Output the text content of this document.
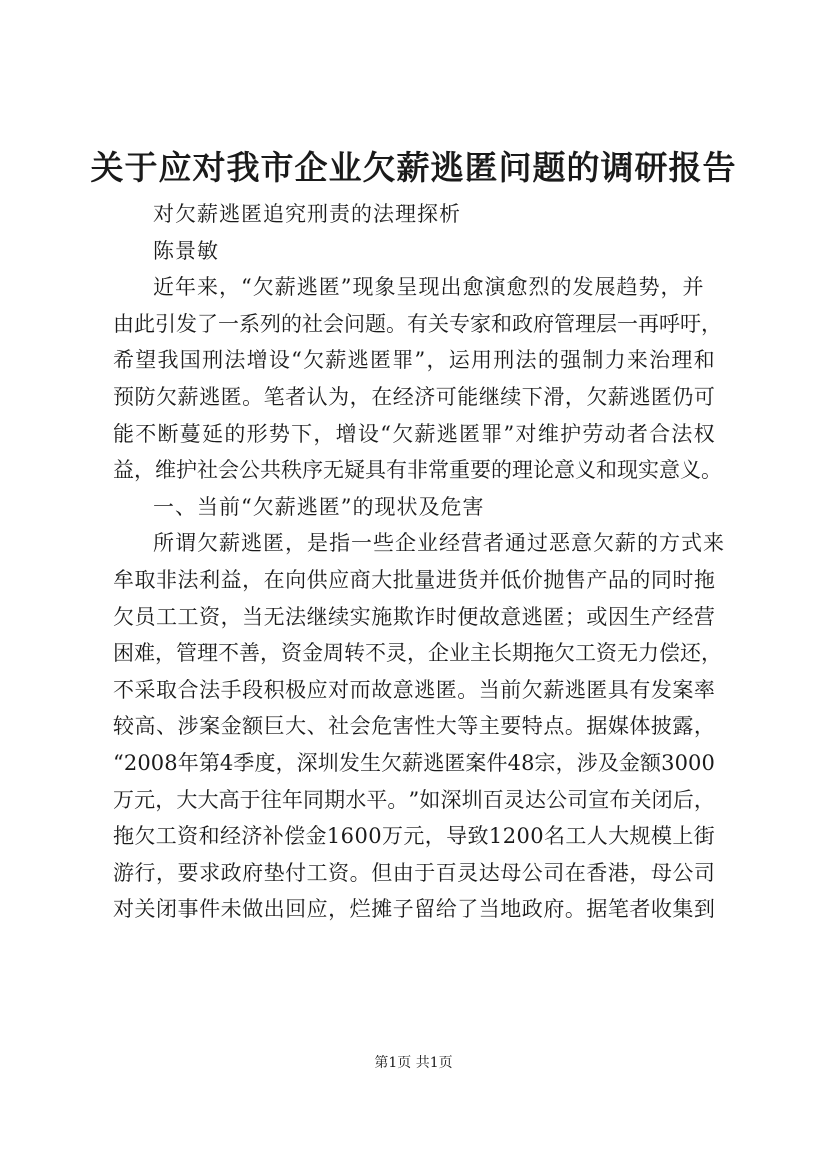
关于应对我市企业欠薪逃匿问题的调研报告
对欠薪逃匿追究刑责的法理探析
陈景敏
近年来，“欠薪逃匿”现象呈现出愈演愈烈的发展趋势，并
由 此 引 发 了 一 系 列 的 社 会 问 题 。 有 关 专 家 和 政 府 管 理 层 一 再 呼 吁 ，
希 望 我 国 刑 法 增 设 “ 欠 薪 逃 匿 罪 ” ， 运 用 刑 法 的 强 制 力 来 治 理 和
预 防 欠 薪 逃 匿 。 笔 者 认 为 ， 在 经 济 可 能 继 续 下 滑 ， 欠 薪 逃 匿 仍 可
能 不 断 蔓 延 的 形 势 下 ， 增 设 “ 欠 薪 逃 匿 罪 ” 对 维 护 劳 动 者 合 法 权
益 ， 维 护 社 会 公 共 秩 序 无 疑 具 有 非 常 重 要 的 理 论 意 义 和 现 实 意 义 。
一、当前“欠薪逃匿”的现状及危害
所谓欠薪逃匿，是指一些企业经营者通过恶意欠薪的方式来
牟 取 非 法 利 益 ， 在 向 供 应 商 大 批 量 进 货 并 低 价 抛 售 产 品 的 同 时 拖
欠 员 工 工 资 ， 当 无 法 继 续 实 施 欺 诈 时 便 故 意 逃 匿 ； 或 因 生 产 经 营
困 难 ， 管 理 不 善 ， 资 金 周 转 不 灵 ， 企 业 主 长 期 拖 欠 工 资 无 力 偿 还 ，
不 采 取 合 法 手 段 积 极 应 对 而 故 意 逃 匿 。 当 前 欠 薪 逃 匿 具 有 发 案 率
较 高 、 涉 案 金 额 巨 大 、 社 会 危 害 性 大 等 主 要 特 点 。 据 媒 体 披 露 ，
“ 2 0 0 8 年 第 4 季 度 ， 深 圳 发 生 欠 薪 逃 匿 案 件 4 8 宗 ， 涉 及 金 额 3 0 0 0
万 元 ， 大 大 高 于 往 年 同 期 水 平 。 ” 如 深 圳 百 灵 达 公 司 宣 布 关 闭 后 ，
拖 欠 工 资 和 经 济 补 偿 金 1 6 0 0 万 元 ， 导 致 1 2 0 0 名 工 人 大 规 模 上 街
游 行 ， 要 求 政 府 垫 付 工 资 。 但 由 于 百 灵 达 母 公 司 在 香 港 ， 母 公 司
对 关 闭 事 件 未 做 出 回 应 ， 烂 摊 子 留 给 了 当 地 政 府 。 据 笔 者 收 集 到
第1页 共1页
